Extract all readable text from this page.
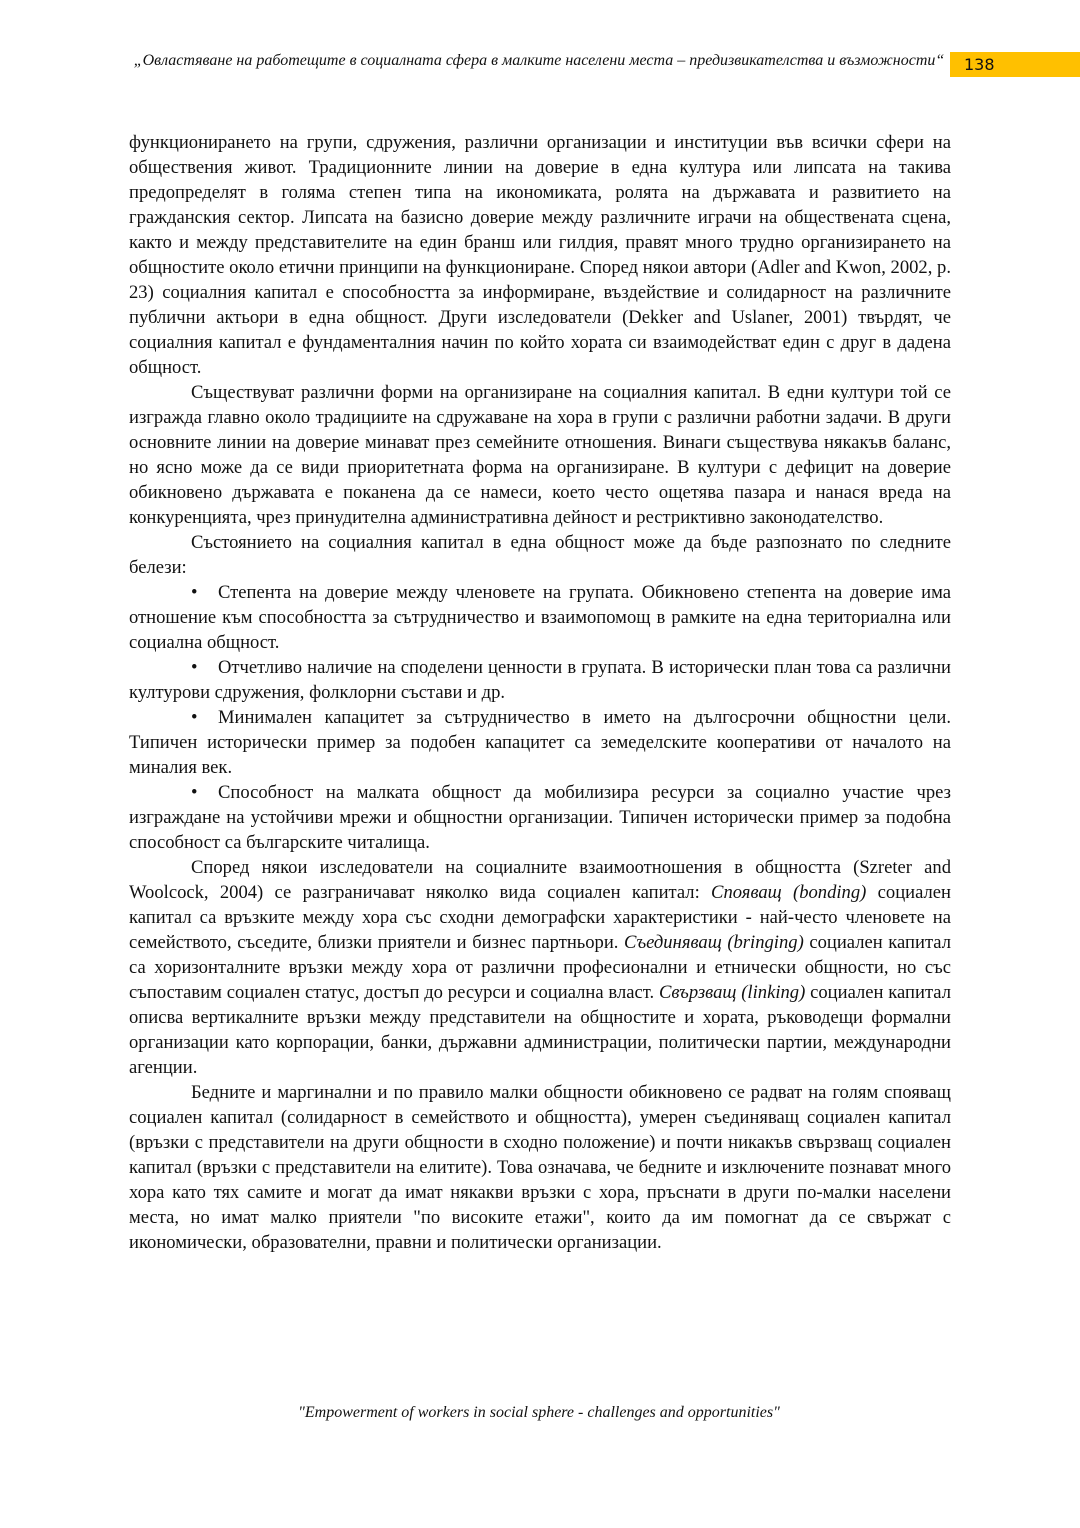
„Овластяване на работещите в социалната сфера в малките населени места – предизвикателства и възможности“	138

функционирането на групи, сдружения, различни организации и институции във всички сфери на обществения живот. Традиционните линии на доверие в една култура или липсата на такива предопределят в голяма степен типа на икономиката, ролята на държавата и развитието на гражданския сектор. Липсата на базисно доверие между различните играчи на обществената сцена, както и между представителите на един бранш или гилдия, правят много трудно организирането на общностите около етични принципи на функциониране. Според някои автори (Adler and Kwon, 2002, p. 23) социалния капитал е способността за информиране, въздействие и солидарност на различните публични актьори в една общност. Други изследователи (Dekker and Uslaner, 2001) твърдят, че социалния капитал е фундаменталния начин по който хората си взаимодействат един с друг в дадена общност.

Съществуват различни форми на организиране на социалния капитал. В едни култури той се изгражда главно около традициите на сдружаване на хора в групи с различни работни задачи. В други основните линии на доверие минават през семейните отношения. Винаги съществува някакъв баланс, но ясно може да се види приоритетната форма на организиране. В култури с дефицит на доверие обикновено държавата е поканена да се намеси, което често ощетява пазара и нанася вреда на конкуренцията, чрез принудителна административна дейност и рестриктивно законодателство.

Състоянието на социалния капитал в една общност може да бъде разпознато по следните белези:

• Степента на доверие между членовете на групата. Обикновено степента на доверие има отношение към способността за сътрудничество и взаимопомощ в рамките на една териториална или социална общност.

• Отчетливо наличие на споделени ценности в групата. В исторически план това са различни културови сдружения, фолклорни състави и др.

• Минимален капацитет за сътрудничество в името на дългосрочни общностни цели. Типичен исторически пример за подобен капацитет са земеделските кооперативи от началото на миналия век.

• Способност на малката общност да мобилизира ресурси за социално участие чрез изграждане на устойчиви мрежи и общностни организации. Типичен исторически пример за подобна способност са българските читалища.

Според някои изследователи на социалните взаимоотношения в общността (Szreter and Woolcock, 2004) се разграничават няколко вида социален капитал: Спояващ (bonding) социален капитал са връзките между хора със сходни демографски характеристики - най-често членовете на семейството, съседите, близки приятели и бизнес партньори. Съединяващ (bringing) социален капитал са хоризонталните връзки между хора от различни професионални и етнически общности, но със съпоставим социален статус, достъп до ресурси и социална власт. Свързващ (linking) социален капитал описва вертикалните връзки между представители на общностите и хората, ръководещи формални организации като корпорации, банки, държавни администрации, политически партии, международни агенции.

Бедните и маргинални и по правило малки общности обикновено се радват на голям спояващ социален капитал (солидарност в семейството и общността), умерен съединяващ социален капитал (връзки с представители на други общности в сходно положение) и почти никакъв свързващ социален капитал (връзки с представители на елитите). Това означава, че бедните и изключените познават много хора като тях самите и могат да имат някакви връзки с хора, пръснати в други по-малки населени места, но имат малко приятели "по високите етажи", които да им помогнат да се свържат с икономически, образователни, правни и политически организации.

"Empowerment of workers in social sphere - challenges and opportunities"
